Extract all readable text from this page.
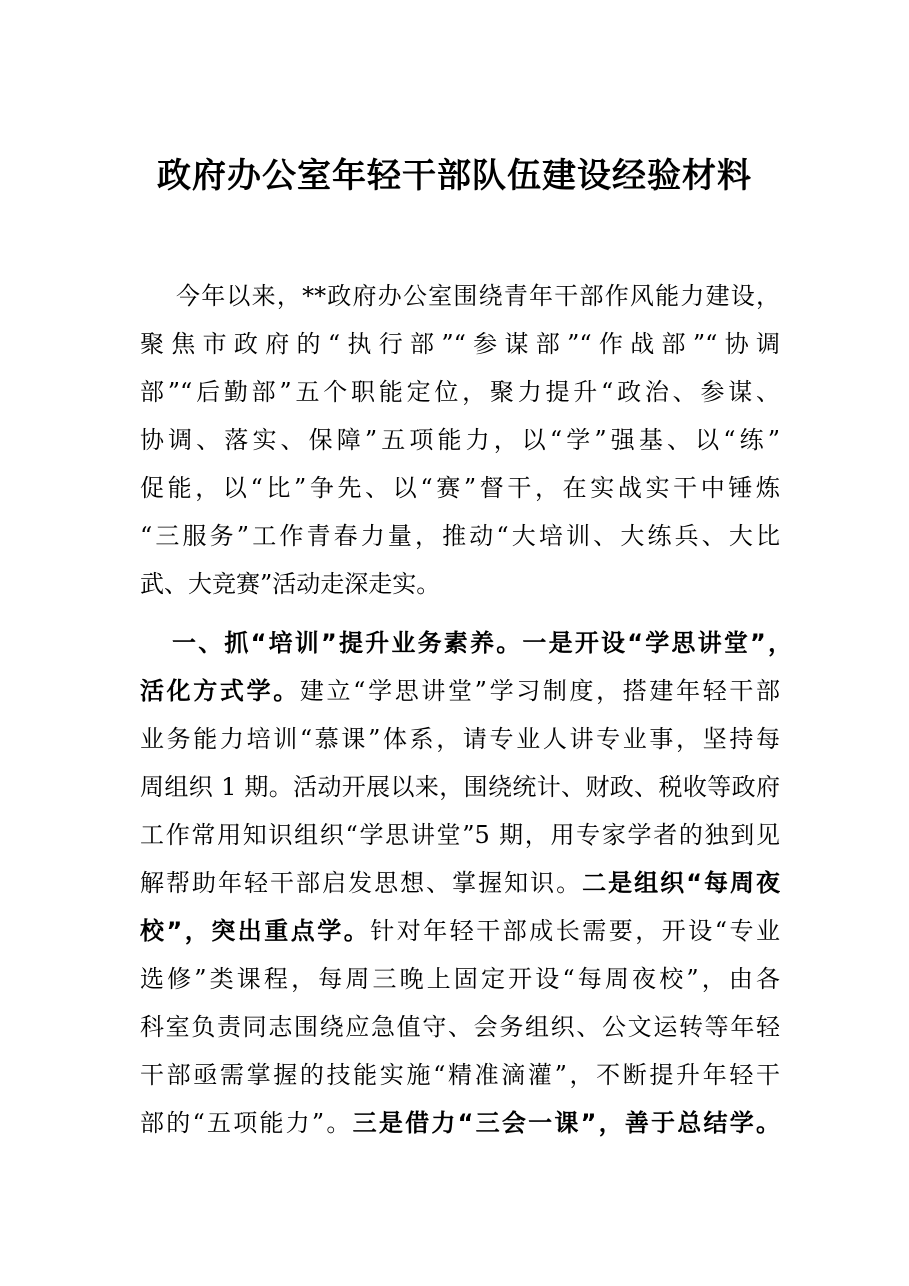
政府办公室年轻干部队伍建设经验材料
今年以来，**政府办公室围绕青年干部作风能力建设，
聚焦市政府的“执行部”“参谋部”“作战部”“协调
部”“后勤部”五个职能定位，聚力提升“政治、参谋、
协调、落实、保障”五项能力，以“学”强基、以“练”
促能，以“比”争先、以“赛”督干，在实战实干中锤炼
“三服务”工作青春力量，推动“大培训、大练兵、大比
武、大竞赛”活动走深走实。
一、抓“培训”提升业务素养。一是开设“学思讲堂”，
活化方式学。建立“学思讲堂”学习制度，搭建年轻干部
业务能力培训“慕课”体系，请专业人讲专业事，坚持每
周组织 1 期。活动开展以来，围绕统计、财政、税收等政府
工作常用知识组织“学思讲堂”5 期，用专家学者的独到见
解帮助年轻干部启发思想、掌握知识。二是组织“每周夜
校”，突出重点学。针对年轻干部成长需要，开设“专业
选修”类课程，每周三晚上固定开设“每周夜校”，由各
科室负责同志围绕应急值守、会务组织、公文运转等年轻
干部亟需掌握的技能实施“精准滴灌”，不断提升年轻干
部的“五项能力”。三是借力“三会一课”，善于总结学。
